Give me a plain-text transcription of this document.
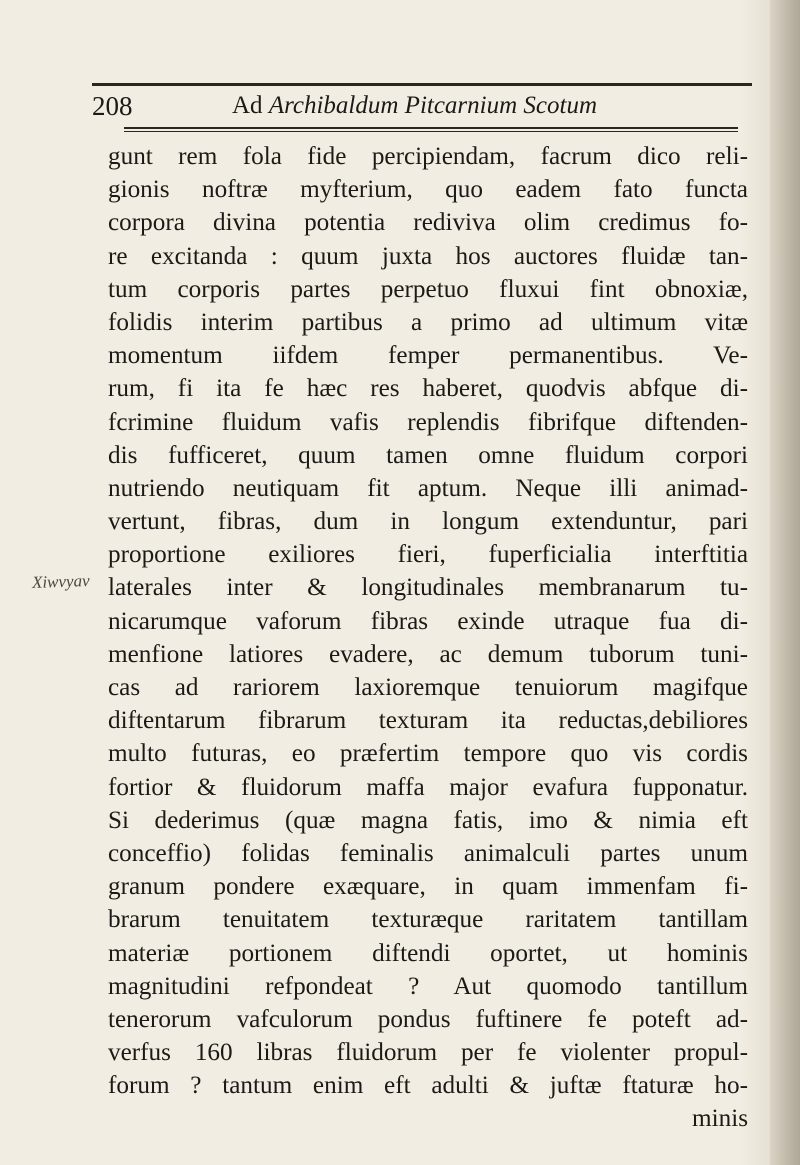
208	Ad Archibaldum Pitcarnium Scotum
Xiwvyav
gunt rem fola fide percipiendam, facrum dico reli-
gionis noftræ myfterium, quo eadem fato functa
corpora divina potentia rediviva olim credimus fo-
re excitanda : quum juxta hos auctores fluidæ tan-
tum corporis partes perpetuo fluxui fint obnoxiæ,
folidis interim partibus a primo ad ultimum vitæ
momentum iifdem femper permanentibus. Ve-
rum, fi ita fe hæc res haberet, quodvis abfque di-
fcrimine fluidum vafis replendis fibrifque diftenden-
dis fufficeret, quum tamen omne fluidum corpori
nutriendo neutiquam fit aptum. Neque illi animad-
vertunt, fibras, dum in longum extenduntur, pari
proportione exiliores fieri, fuperficialia interftitia
laterales inter & longitudinales membranarum tu-
nicarumque vaforum fibras exinde utraque fua di-
menfione latiores evadere, ac demum tuborum tuni-
cas ad rariorem laxioremque tenuiorum magifque
diftentarum fibrarum texturam ita reductas,debiliores
multo futuras, eo præfertim tempore quo vis cordis
fortior & fluidorum maffa major evafura fupponatur.
Si dederimus (quæ magna fatis, imo & nimia eft
conceffio) folidas feminalis animalculi partes unum
granum pondere exæquare, in quam immenfam fi-
brarum tenuitatem texturæque raritatem tantillam
materiæ portionem diftendi oportet, ut hominis
magnitudini refpondeat ? Aut quomodo tantillum
tenerorum vafculorum pondus fuftinere fe poteft ad-
verfus 160 libras fluidorum per fe violenter propul-
forum ? tantum enim eft adulti & juftæ ftaturæ ho-
minis
